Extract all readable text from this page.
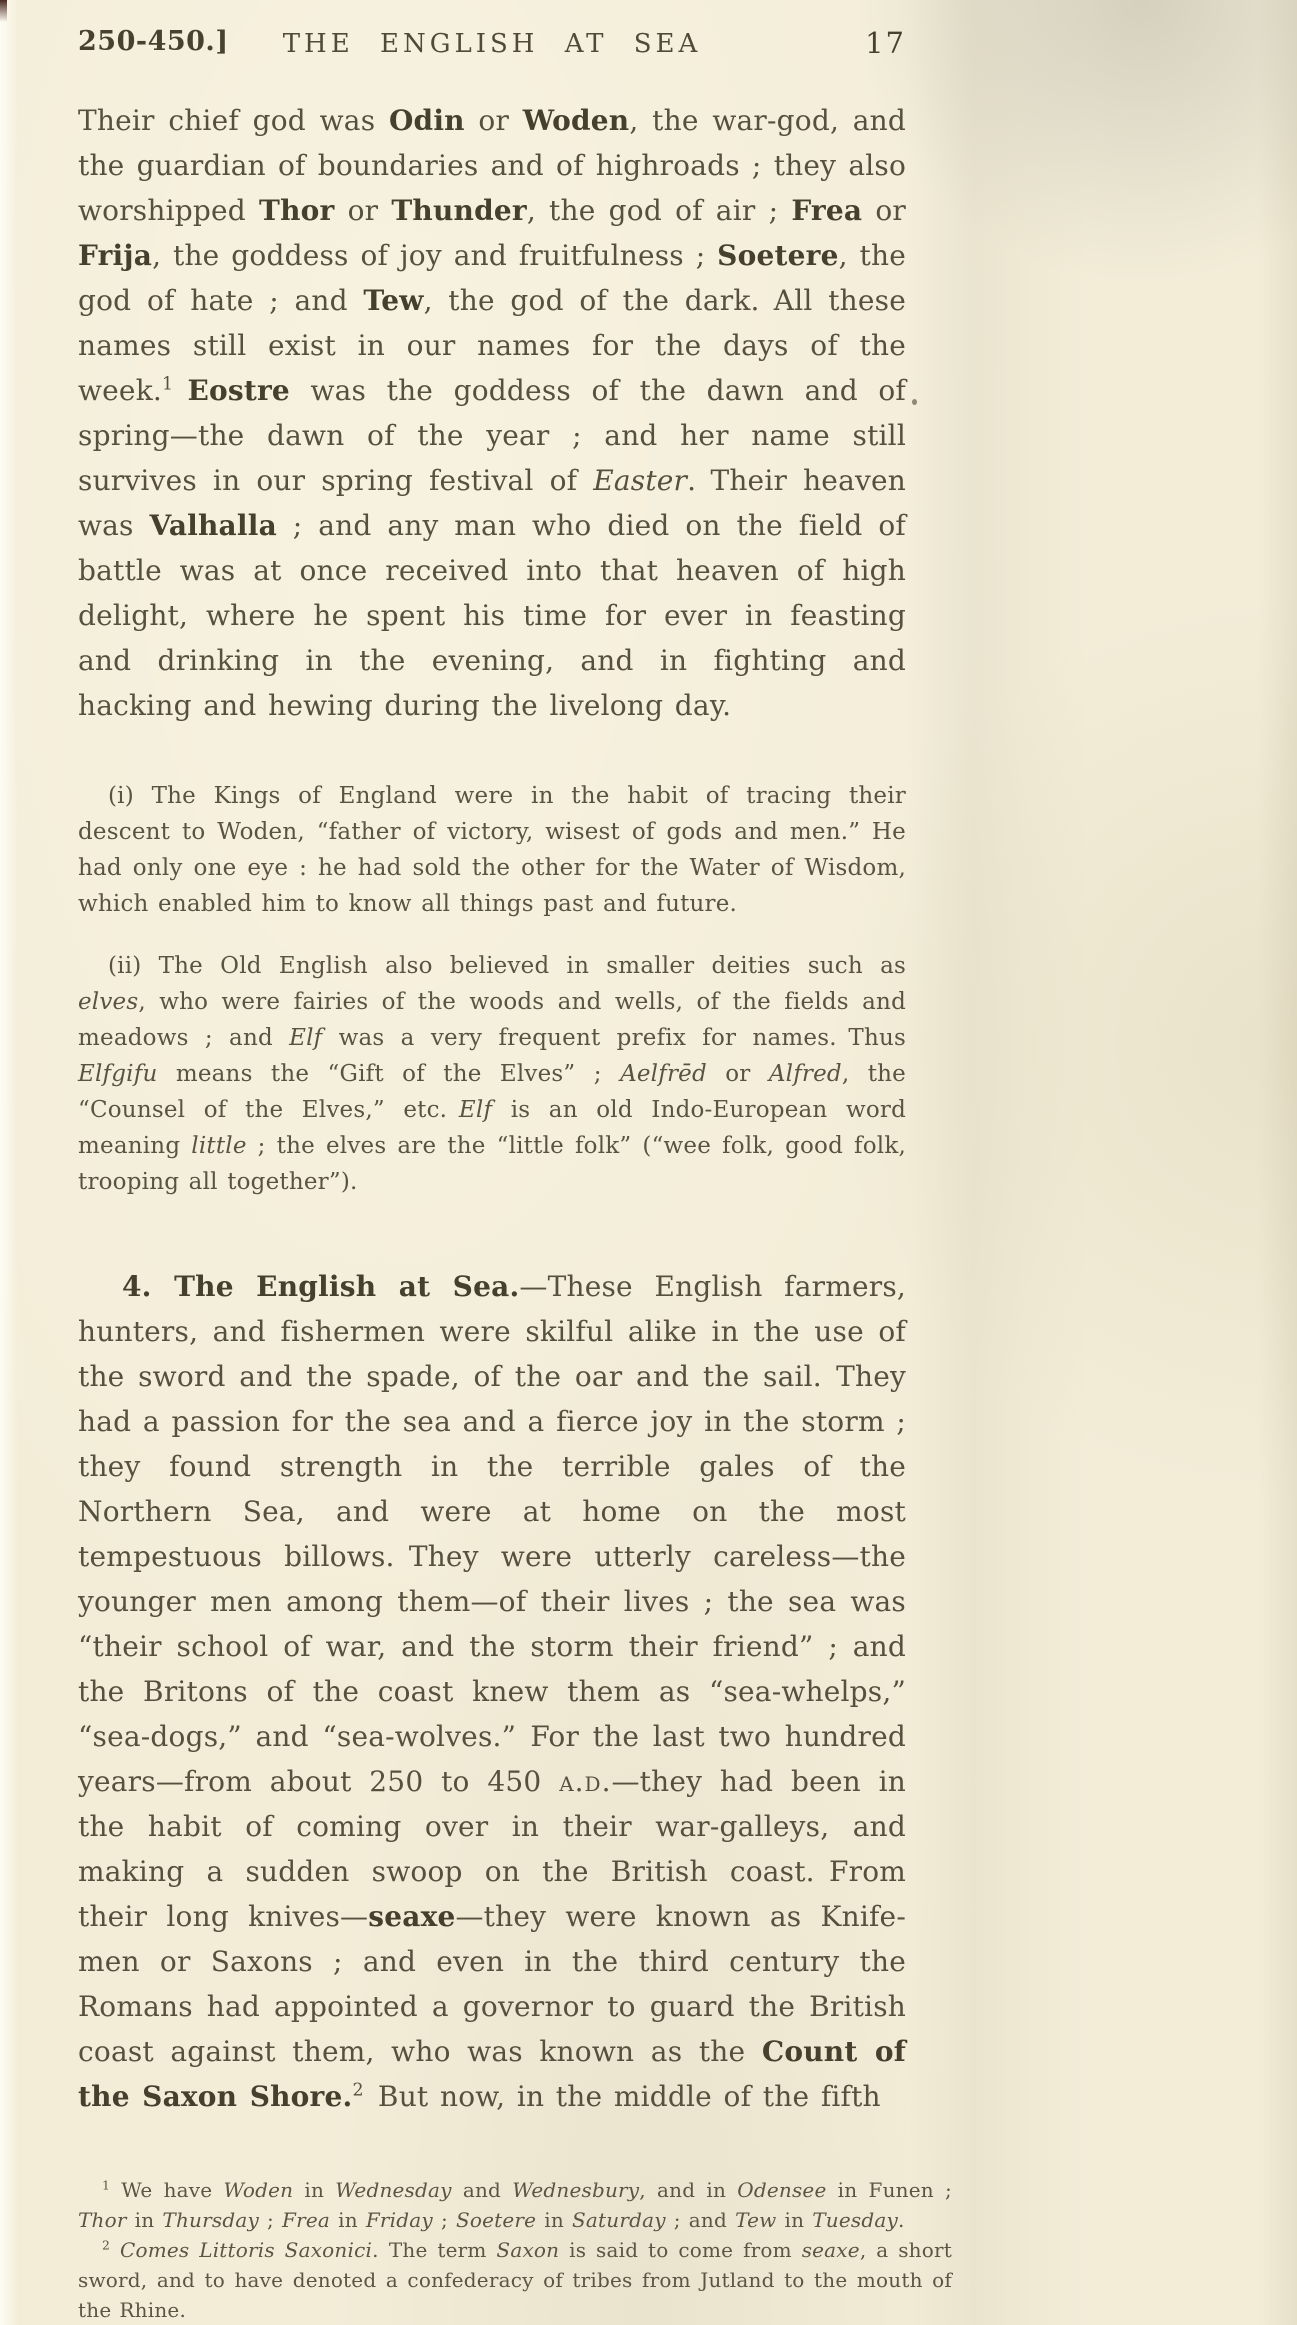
250-450.]	THE ENGLISH AT SEA	17

Their chief god was Odin or Woden, the war-god, and the guardian of boundaries and of highroads ; they also worshipped Thor or Thunder, the god of air ; Frea or Frija, the goddess of joy and fruitfulness ; Soetere, the god of hate ; and Tew, the god of the dark. All these names still exist in our names for the days of the week.$^1$  Eostre was the goddess of the dawn and of spring—the dawn of the year ; and her name still survives in our spring festival of Easter. Their heaven was Valhalla ; and any man who died on the field of battle was at once received into that heaven of high delight, where he spent his time for ever in feasting and drinking in the evening, and in fighting and hacking and hewing during the livelong day.

(i) The Kings of England were in the habit of tracing their descent to Woden, “father of victory, wisest of gods and men.” He had only one eye : he had sold the other for the Water of Wisdom, which enabled him to know all things past and future.

(ii) The Old English also believed in smaller deities such as elves, who were fairies of the woods and wells, of the fields and meadows ; and Elf was a very frequent prefix for names. Thus Elfgifu means the “Gift of the Elves” ; Aelfrēd or Alfred, the “Counsel of the Elves,” etc. Elf is an old Indo-European word meaning little ; the elves are the “little folk” (“wee folk, good folk, trooping all together”).

4. The English at Sea.—These English farmers, hunters, and fishermen were skilful alike in the use of the sword and the spade, of the oar and the sail. They had a passion for the sea and a fierce joy in the storm ; they found strength in the terrible gales of the Northern Sea, and were at home on the most tempestuous billows. They were utterly careless—the younger men among them—of their lives ; the sea was “their school of war, and the storm their friend” ; and the Britons of the coast knew them as “sea-whelps,” “sea-dogs,” and “sea-wolves.” For the last two hundred years—from about 250 to 450 a.d.—they had been in the habit of coming over in their war-galleys, and making a sudden swoop on the British coast. From their long knives—seaxe—they were known as Knife-men or Saxons ; and even in the third century the Romans had appointed a governor to guard the British coast against them, who was known as the Count of the Saxon Shore.$^2$ But now, in the middle of the fifth

$^1$ We have Woden in Wednesday and Wednesbury, and in Odensee in Funen ; Thor in Thursday ; Frea in Friday ; Soetere in Saturday ; and Tew in Tuesday.

$^2$ Comes Littoris Saxonici. The term Saxon is said to come from seaxe, a short sword, and to have denoted a confederacy of tribes from Jutland to the mouth of the Rhine.
